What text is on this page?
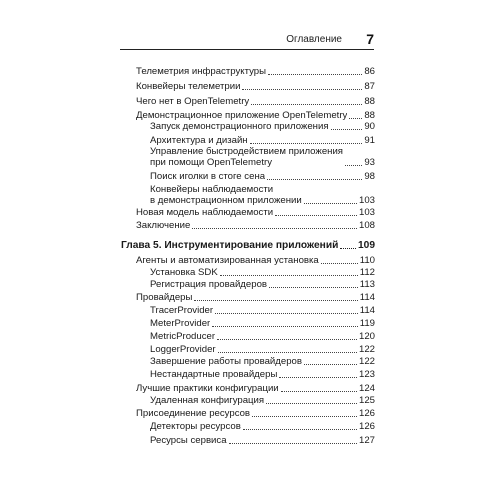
Оглавление 7
Телеметрия инфраструктуры	86
Конвейеры телеметрии	87
Чего нет в OpenTelemetry	88
Демонстрационное приложение OpenTelemetry 88
Запуск демонстрационного приложения	90
Архитектура и дизайн	91
Управление быстродействием приложения
при помощи OpenTelemetry	93
Поиск иголки в стоге сена	98
Конвейеры наблюдаемости
в демонстрационном приложении	103
Новая модель наблюдаемости	103
Заключение	108
Глава 5. Инструментирование приложений 109
Агенты и автоматизированная установка	110
Установка SDK	112
Регистрация провайдеров	113
Провайдеры	114
TracerProvider	114
MeterProvider	119
MetricProducer	120
LoggerProvider	122
Завершение работы провайдеров	122
Нестандартные провайдеры	123
Лучшие практики конфигурации	124
Удаленная конфигурация	125
Присоединение ресурсов	126
Детекторы ресурсов	126
Ресурсы сервиса	127
